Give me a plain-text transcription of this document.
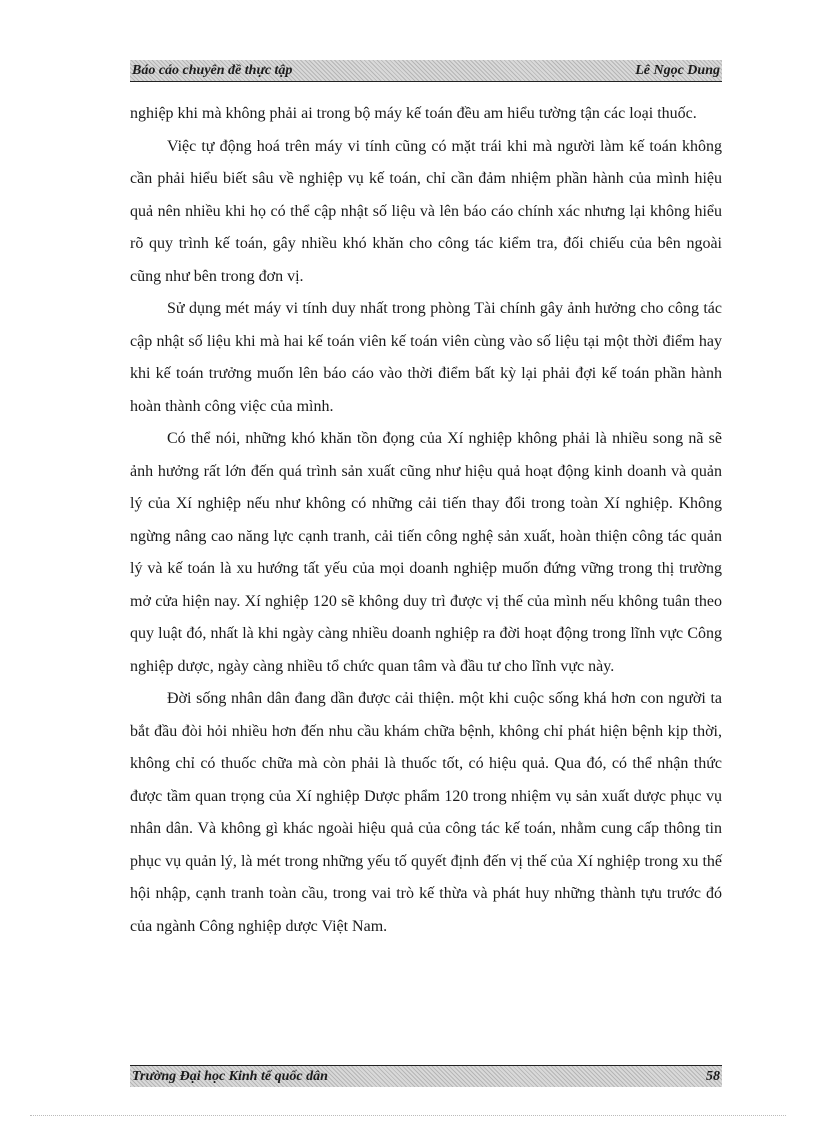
Báo cáo chuyên đề thực tập	Lê Ngọc Dung

nghiệp khi mà không phải ai trong bộ máy kế toán đều am hiểu tường tận các loại thuốc.

Việc tự động hoá trên máy vi tính cũng có mặt trái khi mà người làm kế toán không cần phải hiểu biết sâu về nghiệp vụ kế toán, chỉ cần đảm nhiệm phần hành của mình hiệu quả nên nhiều khi họ có thể cập nhật số liệu và lên báo cáo chính xác nhưng lại không hiểu rõ quy trình kế toán, gây nhiều khó khăn cho công tác kiểm tra, đối chiếu của bên ngoài cũng như bên trong đơn vị.

Sử dụng mét máy vi tính duy nhất trong phòng Tài chính gây ảnh hưởng cho công tác cập nhật số liệu khi mà hai kế toán viên kế toán viên cùng vào số liệu tại một thời điểm hay khi kế toán trưởng muốn lên báo cáo vào thời điểm bất kỳ lại phải đợi kế toán phần hành hoàn thành công việc của mình.

Có thể nói, những khó khăn tồn đọng của Xí nghiệp không phải là nhiều song nã sẽ ảnh hưởng rất lớn đến quá trình sản xuất cũng như hiệu quả hoạt động kinh doanh và quản lý của Xí nghiệp nếu như không có những cải tiến thay đổi trong toàn Xí nghiệp. Không ngừng nâng cao năng lực cạnh tranh, cải tiến công nghệ sản xuất, hoàn thiện công tác quản lý và kế toán là xu hướng tất yếu của mọi doanh nghiệp muốn đứng vững trong thị trường mở cửa hiện nay. Xí nghiệp 120 sẽ không duy trì được vị thế của mình nếu không tuân theo quy luật đó, nhất là khi ngày càng nhiều doanh nghiệp ra đời hoạt động trong lĩnh vực Công nghiệp dược, ngày càng nhiều tổ chức quan tâm và đầu tư cho lĩnh vực này.

Đời sống nhân dân đang dần được cải thiện. một khi cuộc sống khá hơn con người ta bắt đầu đòi hỏi nhiều hơn đến nhu cầu khám chữa bệnh, không chỉ phát hiện bệnh kịp thời, không chỉ có thuốc chữa mà còn phải là thuốc tốt, có hiệu quả. Qua đó, có thể nhận thức được tầm quan trọng của Xí nghiệp Dược phẩm 120 trong nhiệm vụ sản xuất dược phục vụ nhân dân. Và không gì khác ngoài hiệu quả của công tác kế toán, nhằm cung cấp thông tin phục vụ quản lý, là mét trong những yếu tố quyết định đến vị thế của Xí nghiệp trong xu thế hội nhập, cạnh tranh toàn cầu, trong vai trò kế thừa và phát huy những thành tựu trước đó của ngành Công nghiệp dược Việt Nam.

Trường Đại học Kinh tế quốc dân	58
